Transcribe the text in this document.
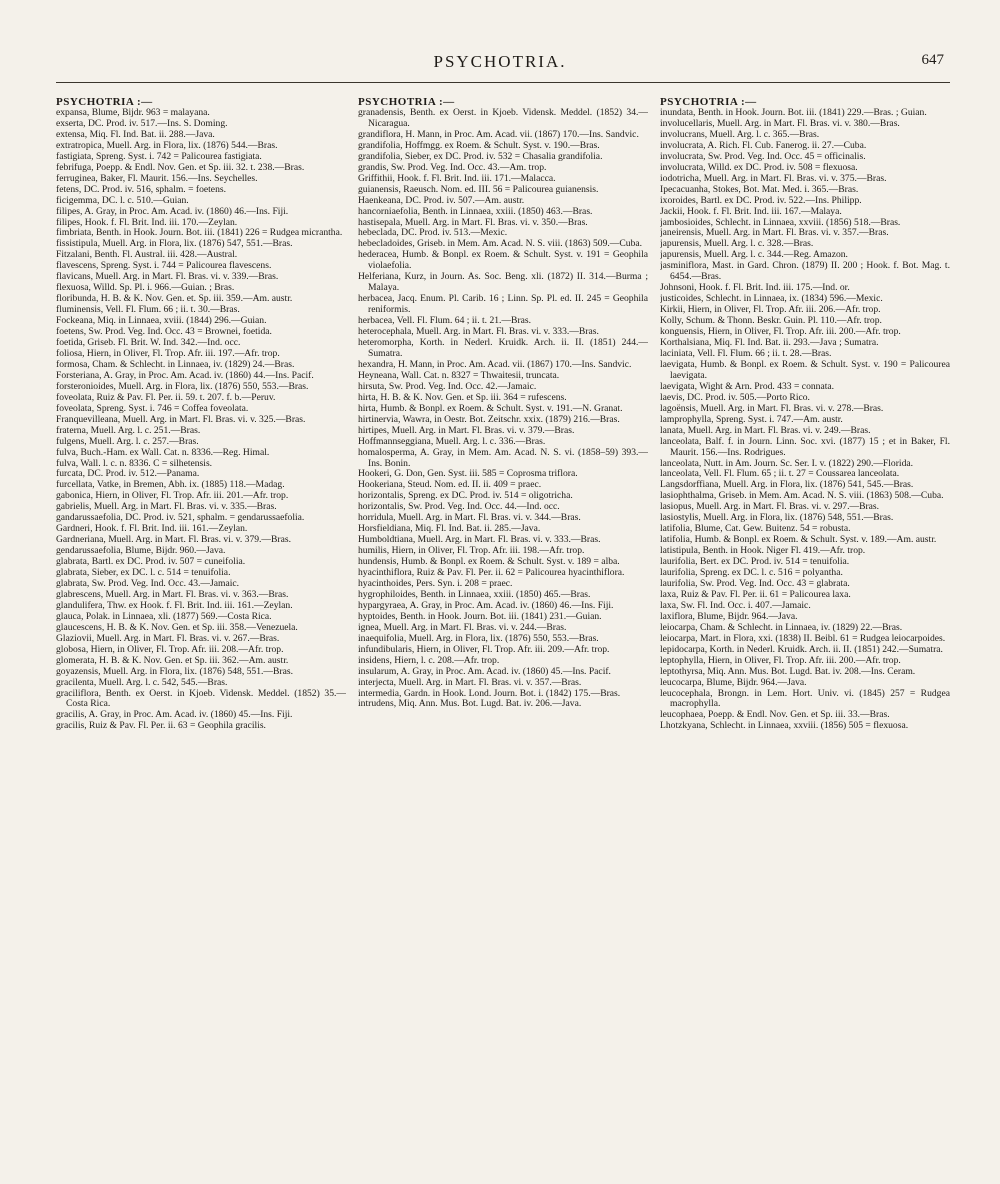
PSYCHOTRIA.	647
PSYCHOTRIA :—

expansa, Blume, Bijdr. 963 = malayana.

exserta, DC. Prod. iv. 517.—Ins. S. Doming.

extensa, Miq. Fl. Ind. Bat. ii. 288.—Java.

extratropica, Muell. Arg. in Flora, lix. (1876) 544.—Bras.

fastigiata, Spreng. Syst. i. 742 = Palicourea fastigiata.

febrifuga, Poepp. & Endl. Nov. Gen. et Sp. iii. 32. t. 238.—Bras.

ferruginea, Baker, Fl. Maurit. 156.—Ins. Seychelles.

fetens, DC. Prod. iv. 516, sphalm. = foetens.

ficigemma, DC. l. c. 510.—Guian.

filipes, A. Gray, in Proc. Am. Acad. iv. (1860) 46.—Ins. Fiji.

filipes, Hook. f. Fl. Brit. Ind. iii. 170.—Zeylan.

fimbriata, Benth. in Hook. Journ. Bot. iii. (1841) 226 = Rudgea micrantha.

fissistipula, Muell. Arg. in Flora, lix. (1876) 547, 551.—Bras.

Fitzalani, Benth. Fl. Austral. iii. 428.—Austral.

flavescens, Spreng. Syst. i. 744 = Palicourea flavescens.

flavicans, Muell. Arg. in Mart. Fl. Bras. vi. v. 339.—Bras.

flexuosa, Willd. Sp. Pl. i. 966.—Guian. ; Bras.

floribunda, H. B. & K. Nov. Gen. et. Sp. iii. 359.—Am. austr.

fluminensis, Vell. Fl. Flum. 66 ; ii. t. 30.—Bras.

Fockeana, Miq. in Linnaea, xviii. (1844) 296.—Guian.

foetens, Sw. Prod. Veg. Ind. Occ. 43 = Brownei, foetida.

foetida, Griseb. Fl. Brit. W. Ind. 342.—Ind. occ.

foliosa, Hiern, in Oliver, Fl. Trop. Afr. iii. 197.—Afr. trop.

formosa, Cham. & Schlecht. in Linnaea, iv. (1829) 24.—Bras.

Forsteriana, A. Gray, in Proc. Am. Acad. iv. (1860) 44.—Ins. Pacif.

forsteronioides, Muell. Arg. in Flora, lix. (1876) 550, 553.—Bras.

foveolata, Ruiz & Pav. Fl. Per. ii. 59. t. 207. f. b.—Peruv.

foveolata, Spreng. Syst. i. 746 = Coffea foveolata.

Franquevilleana, Muell. Arg. in Mart. Fl. Bras. vi. v. 325.—Bras.

fraterna, Muell. Arg. l. c. 251.—Bras.

fulgens, Muell. Arg. l. c. 257.—Bras.

fulva, Buch.-Ham. ex Wall. Cat. n. 8336.—Reg. Himal.

fulva, Wall. l. c. n. 8336. C = silhetensis.

furcata, DC. Prod. iv. 512.—Panama.

furcellata, Vatke, in Bremen, Abh. ix. (1885) 118.—Madag.

gabonica, Hiern, in Oliver, Fl. Trop. Afr. iii. 201.—Afr. trop.

gabrielis, Muell. Arg. in Mart. Fl. Bras. vi. v. 335.—Bras.

gandarussaefolia, DC. Prod. iv. 521, sphalm. = gendarussaefolia.

Gardneri, Hook. f. Fl. Brit. Ind. iii. 161.—Zeylan.

Gardneriana, Muell. Arg. in Mart. Fl. Bras. vi. v. 379.—Bras.

gendarussaefolia, Blume, Bijdr. 960.—Java.

glabrata, Bartl. ex DC. Prod. iv. 507 = cuneifolia.

glabrata, Sieber, ex DC. l. c. 514 = tenuifolia.

glabrata, Sw. Prod. Veg. Ind. Occ. 43.—Jamaic.

glabrescens, Muell. Arg. in Mart. Fl. Bras. vi. v. 363.—Bras.

glandulifera, Thw. ex Hook. f. Fl. Brit. Ind. iii. 161.—Zeylan.

glauca, Polak. in Linnaea, xli. (1877) 569.—Costa Rica.

glaucescens, H. B. & K. Nov. Gen. et Sp. iii. 358.—Venezuela.

Glaziovii, Muell. Arg. in Mart. Fl. Bras. vi. v. 267.—Bras.

globosa, Hiern, in Oliver, Fl. Trop. Afr. iii. 208.—Afr. trop.

glomerata, H. B. & K. Nov. Gen. et Sp. iii. 362.—Am. austr.

goyazensis, Muell. Arg. in Flora, lix. (1876) 548, 551.—Bras.

gracilenta, Muell. Arg. l. c. 542, 545.—Bras.

graciliflora, Benth. ex Oerst. in Kjoeb. Vidensk. Meddel. (1852) 35.—Costa Rica.

gracilis, A. Gray, in Proc. Am. Acad. iv. (1860) 45.—Ins. Fiji.

gracilis, Ruiz & Pav. Fl. Per. ii. 63 = Geophila gracilis.

PSYCHOTRIA :—

granadensis, Benth. ex Oerst. in Kjoeb. Vidensk. Meddel. (1852) 34.—Nicaragua.

grandiflora, H. Mann, in Proc. Am. Acad. vii. (1867) 170.—Ins. Sandvic.

grandifolia, Hoffmgg. ex Roem. & Schult. Syst. v. 190.—Bras.

grandifolia, Sieber, ex DC. Prod. iv. 532 = Chasalia grandifolia.

grandis, Sw. Prod. Veg. Ind. Occ. 43.—Am. trop.

Griffithii, Hook. f. Fl. Brit. Ind. iii. 171.—Malacca.

guianensis, Raeusch. Nom. ed. III. 56 = Palicourea guianensis.

Haenkeana, DC. Prod. iv. 507.—Am. austr.

hancorniaefolia, Benth. in Linnaea, xxiii. (1850) 463.—Bras.

hastisepala, Muell. Arg. in Mart. Fl. Bras. vi. v. 350.—Bras.

hebeclada, DC. Prod. iv. 513.—Mexic.

hebecladoides, Griseb. in Mem. Am. Acad. N. S. viii. (1863) 509.—Cuba.

hederacea, Humb. & Bonpl. ex Roem. & Schult. Syst. v. 191 = Geophila violaefolia.

Helferiana, Kurz, in Journ. As. Soc. Beng. xli. (1872) II. 314.—Burma ; Malaya.

herbacea, Jacq. Enum. Pl. Carib. 16 ; Linn. Sp. Pl. ed. II. 245 = Geophila reniformis.

herbacea, Vell. Fl. Flum. 64 ; ii. t. 21.—Bras.

heterocephala, Muell. Arg. in Mart. Fl. Bras. vi. v. 333.—Bras.

heteromorpha, Korth. in Nederl. Kruidk. Arch. ii. II. (1851) 244.—Sumatra.

hexandra, H. Mann, in Proc. Am. Acad. vii. (1867) 170.—Ins. Sandvic.

Heyneana, Wall. Cat. n. 8327 = Thwaitesii, truncata.

hirsuta, Sw. Prod. Veg. Ind. Occ. 42.—Jamaic.

hirta, H. B. & K. Nov. Gen. et Sp. iii. 364 = rufescens.

hirta, Humb. & Bonpl. ex Roem. & Schult. Syst. v. 191.—N. Granat.

hirtinervia, Wawra, in Oestr. Bot. Zeitschr. xxix. (1879) 216.—Bras.

hirtipes, Muell. Arg. in Mart. Fl. Bras. vi. v. 379.—Bras.

Hoffmannseggiana, Muell. Arg. l. c. 336.—Bras.

homalosperma, A. Gray, in Mem. Am. Acad. N. S. vi. (1858–59) 393.—Ins. Bonin.

Hookeri, G. Don, Gen. Syst. iii. 585 = Coprosma triflora.

Hookeriana, Steud. Nom. ed. II. ii. 409 = praec.

horizontalis, Spreng. ex DC. Prod. iv. 514 = oligotricha.

horizontalis, Sw. Prod. Veg. Ind. Occ. 44.—Ind. occ.

horridula, Muell. Arg. in Mart. Fl. Bras. vi. v. 344.—Bras.

Horsfieldiana, Miq. Fl. Ind. Bat. ii. 285.—Java.

Humboldtiana, Muell. Arg. in Mart. Fl. Bras. vi. v. 333.—Bras.

humilis, Hiern, in Oliver, Fl. Trop. Afr. iii. 198.—Afr. trop.

hundensis, Humb. & Bonpl. ex Roem. & Schult. Syst. v. 189 = alba.

hyacinthiflora, Ruiz & Pav. Fl. Per. ii. 62 = Palicourea hyacinthiflora.

hyacinthoides, Pers. Syn. i. 208 = praec.

hygrophiloides, Benth. in Linnaea, xxiii. (1850) 465.—Bras.

hypargyraea, A. Gray, in Proc. Am. Acad. iv. (1860) 46.—Ins. Fiji.

hyptoides, Benth. in Hook. Journ. Bot. iii. (1841) 231.—Guian.

ignea, Muell. Arg. in Mart. Fl. Bras. vi. v. 244.—Bras.

inaequifolia, Muell. Arg. in Flora, lix. (1876) 550, 553.—Bras.

infundibularis, Hiern, in Oliver, Fl. Trop. Afr. iii. 209.—Afr. trop.

insidens, Hiern, l. c. 208.—Afr. trop.

insularum, A. Gray, in Proc. Am. Acad. iv. (1860) 45.—Ins. Pacif.

interjecta, Muell. Arg. in Mart. Fl. Bras. vi. v. 357.—Bras.

intermedia, Gardn. in Hook. Lond. Journ. Bot. i. (1842) 175.—Bras.

intrudens, Miq. Ann. Mus. Bot. Lugd. Bat. iv. 206.—Java.

PSYCHOTRIA :—

inundata, Benth. in Hook. Journ. Bot. iii. (1841) 229.—Bras. ; Guian.

involucellaris, Muell. Arg. in Mart. Fl. Bras. vi. v. 380.—Bras.

involucrans, Muell. Arg. l. c. 365.—Bras.

involucrata, A. Rich. Fl. Cub. Fanerog. ii. 27.—Cuba.

involucrata, Sw. Prod. Veg. Ind. Occ. 45 = officinalis.

involucrata, Willd. ex DC. Prod. iv. 508 = flexuosa.

iodotricha, Muell. Arg. in Mart. Fl. Bras. vi. v. 375.—Bras.

Ipecacuanha, Stokes, Bot. Mat. Med. i. 365.—Bras.

ixoroides, Bartl. ex DC. Prod. iv. 522.—Ins. Philipp.

Jackii, Hook. f. Fl. Brit. Ind. iii. 167.—Malaya.

jambosioides, Schlecht. in Linnaea, xxviii. (1856) 518.—Bras.

janeirensis, Muell. Arg. in Mart. Fl. Bras. vi. v. 357.—Bras.

japurensis, Muell. Arg. l. c. 328.—Bras.

japurensis, Muell. Arg. l. c. 344.—Reg. Amazon.

jasminiflora, Mast. in Gard. Chron. (1879) II. 200 ; Hook. f. Bot. Mag. t. 6454.—Bras.

Johnsoni, Hook. f. Fl. Brit. Ind. iii. 175.—Ind. or.

justicoides, Schlecht. in Linnaea, ix. (1834) 596.—Mexic.

Kirkii, Hiern, in Oliver, Fl. Trop. Afr. iii. 206.—Afr. trop.

Kolly, Schum. & Thonn. Beskr. Guin. Pl. 110.—Afr. trop.

konguensis, Hiern, in Oliver, Fl. Trop. Afr. iii. 200.—Afr. trop.

Korthalsiana, Miq. Fl. Ind. Bat. ii. 293.—Java ; Sumatra.

laciniata, Vell. Fl. Flum. 66 ; ii. t. 28.—Bras.

laevigata, Humb. & Bonpl. ex Roem. & Schult. Syst. v. 190 = Palicourea laevigata.

laevigata, Wight & Arn. Prod. 433 = connata.

laevis, DC. Prod. iv. 505.—Porto Rico.

lagoënsis, Muell. Arg. in Mart. Fl. Bras. vi. v. 278.—Bras.

lamprophylla, Spreng. Syst. i. 747.—Am. austr.

lanata, Muell. Arg. in Mart. Fl. Bras. vi. v. 249.—Bras.

lanceolata, Balf. f. in Journ. Linn. Soc. xvi. (1877) 15 ; et in Baker, Fl. Maurit. 156.—Ins. Rodrigues.

lanceolata, Nutt. in Am. Journ. Sc. Ser. I. v. (1822) 290.—Florida.

lanceolata, Vell. Fl. Flum. 65 ; ii. t. 27 = Coussarea lanceolata.

Langsdorffiana, Muell. Arg. in Flora, lix. (1876) 541, 545.—Bras.

lasiophthalma, Griseb. in Mem. Am. Acad. N. S. viii. (1863) 508.—Cuba.

lasiopus, Muell. Arg. in Mart. Fl. Bras. vi. v. 297.—Bras.

lasiostylis, Muell. Arg. in Flora, lix. (1876) 548, 551.—Bras.

latifolia, Blume, Cat. Gew. Buitenz. 54 = robusta.

latifolia, Humb. & Bonpl. ex Roem. & Schult. Syst. v. 189.—Am. austr.

latistipula, Benth. in Hook. Niger Fl. 419.—Afr. trop.

laurifolia, Bert. ex DC. Prod. iv. 514 = tenuifolia.

laurifolia, Spreng. ex DC. l. c. 516 = polyantha.

laurifolia, Sw. Prod. Veg. Ind. Occ. 43 = glabrata.

laxa, Ruiz & Pav. Fl. Per. ii. 61 = Palicourea laxa.

laxa, Sw. Fl. Ind. Occ. i. 407.—Jamaic.

laxiflora, Blume, Bijdr. 964.—Java.

leiocarpa, Cham. & Schlecht. in Linnaea, iv. (1829) 22.—Bras.

leiocarpa, Mart. in Flora, xxi. (1838) II. Beibl. 61 = Rudgea leiocarpoides.

lepidocarpa, Korth. in Nederl. Kruidk. Arch. ii. II. (1851) 242.—Sumatra.

leptophylla, Hiern, in Oliver, Fl. Trop. Afr. iii. 200.—Afr. trop.

leptothyrsa, Miq. Ann. Mus. Bot. Lugd. Bat. iv. 208.—Ins. Ceram.

leucocarpa, Blume, Bijdr. 964.—Java.

leucocephala, Brongn. in Lem. Hort. Univ. vi. (1845) 257 = Rudgea macrophylla.

leucophaea, Poepp. & Endl. Nov. Gen. et Sp. iii. 33.—Bras.

Lhotzkyana, Schlecht. in Linnaea, xxviii. (1856) 505 = flexuosa.
